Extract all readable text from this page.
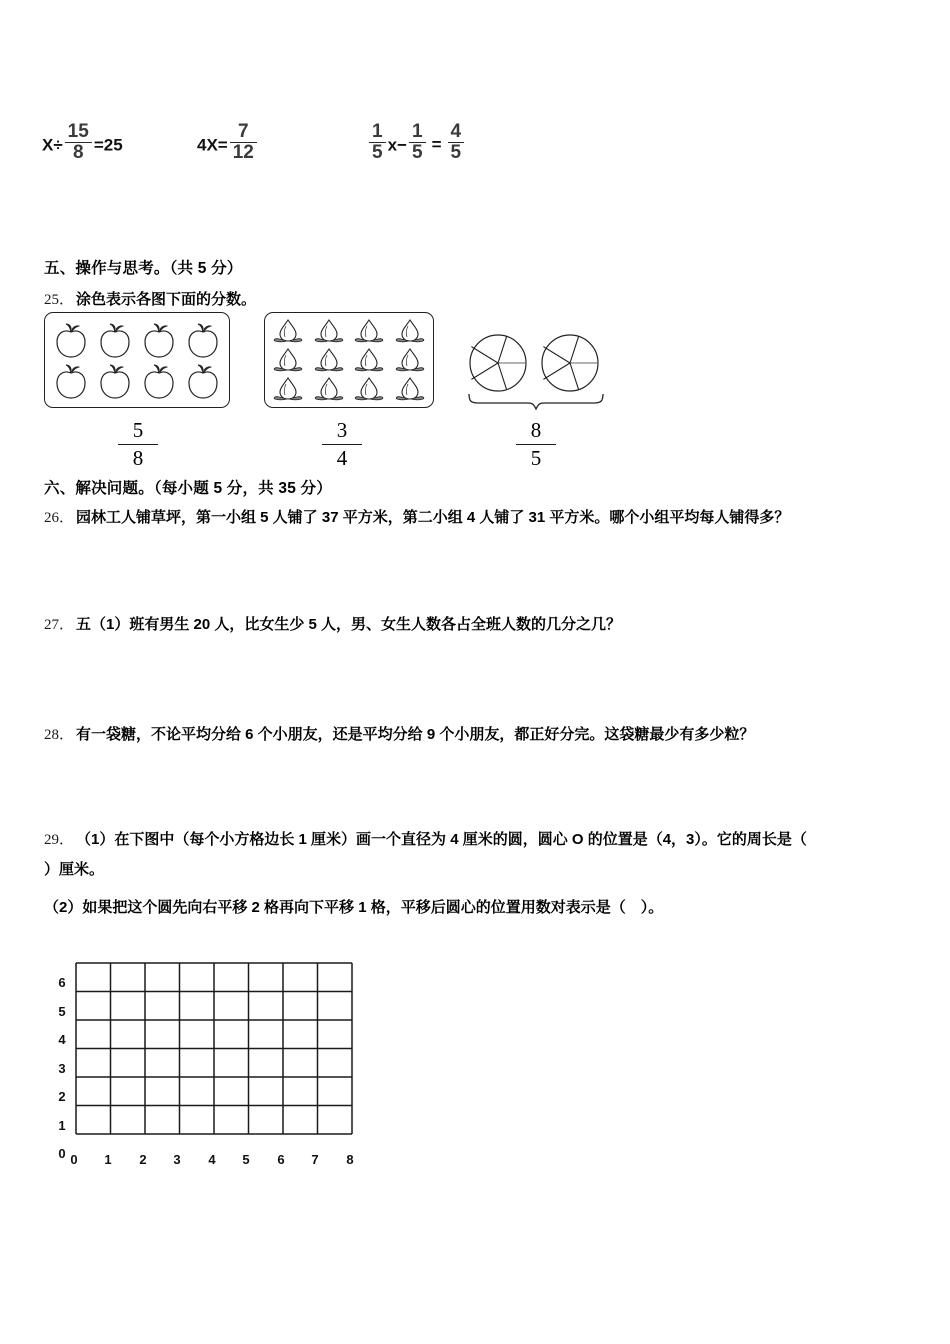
$X\div \frac{15}{8} =25$	$4X= \frac{7}{12}$	$\frac{1}{5} x- \frac{1}{5} = \frac{4}{5}$
五、操作与思考。（共 5 分）
25． 涂色表示各图下面的分数。
$\frac{5}{8}$	$\frac{3}{4}$	$\frac{8}{5}$
六、解决问题。（每小题 5 分，共 35 分）
26． 园林工人铺草坪，第一小组 5 人铺了 37 平方米，第二小组 4 人铺了 31 平方米。哪个小组平均每人铺得多？
27． 五（1）班有男生 20 人，比女生少 5 人，男、女生人数各占全班人数的几分之几？
28． 有一袋糖，不论平均分给 6 个小朋友，还是平均分给 9 个小朋友，都正好分完。这袋糖最少有多少粒？
29． （1）在下图中（每个小方格边长 1 厘米）画一个直径为 4 厘米的圆，圆心 O 的位置是（4，3）。它的周长是（
）厘米。
（2）如果把这个圆先向右平移 2 格再向下平移 1 格，平移后圆心的位置用数对表示是（　）。
0	1	2	3	4	5	6	7	8
0
1
2
3
4
5
6
